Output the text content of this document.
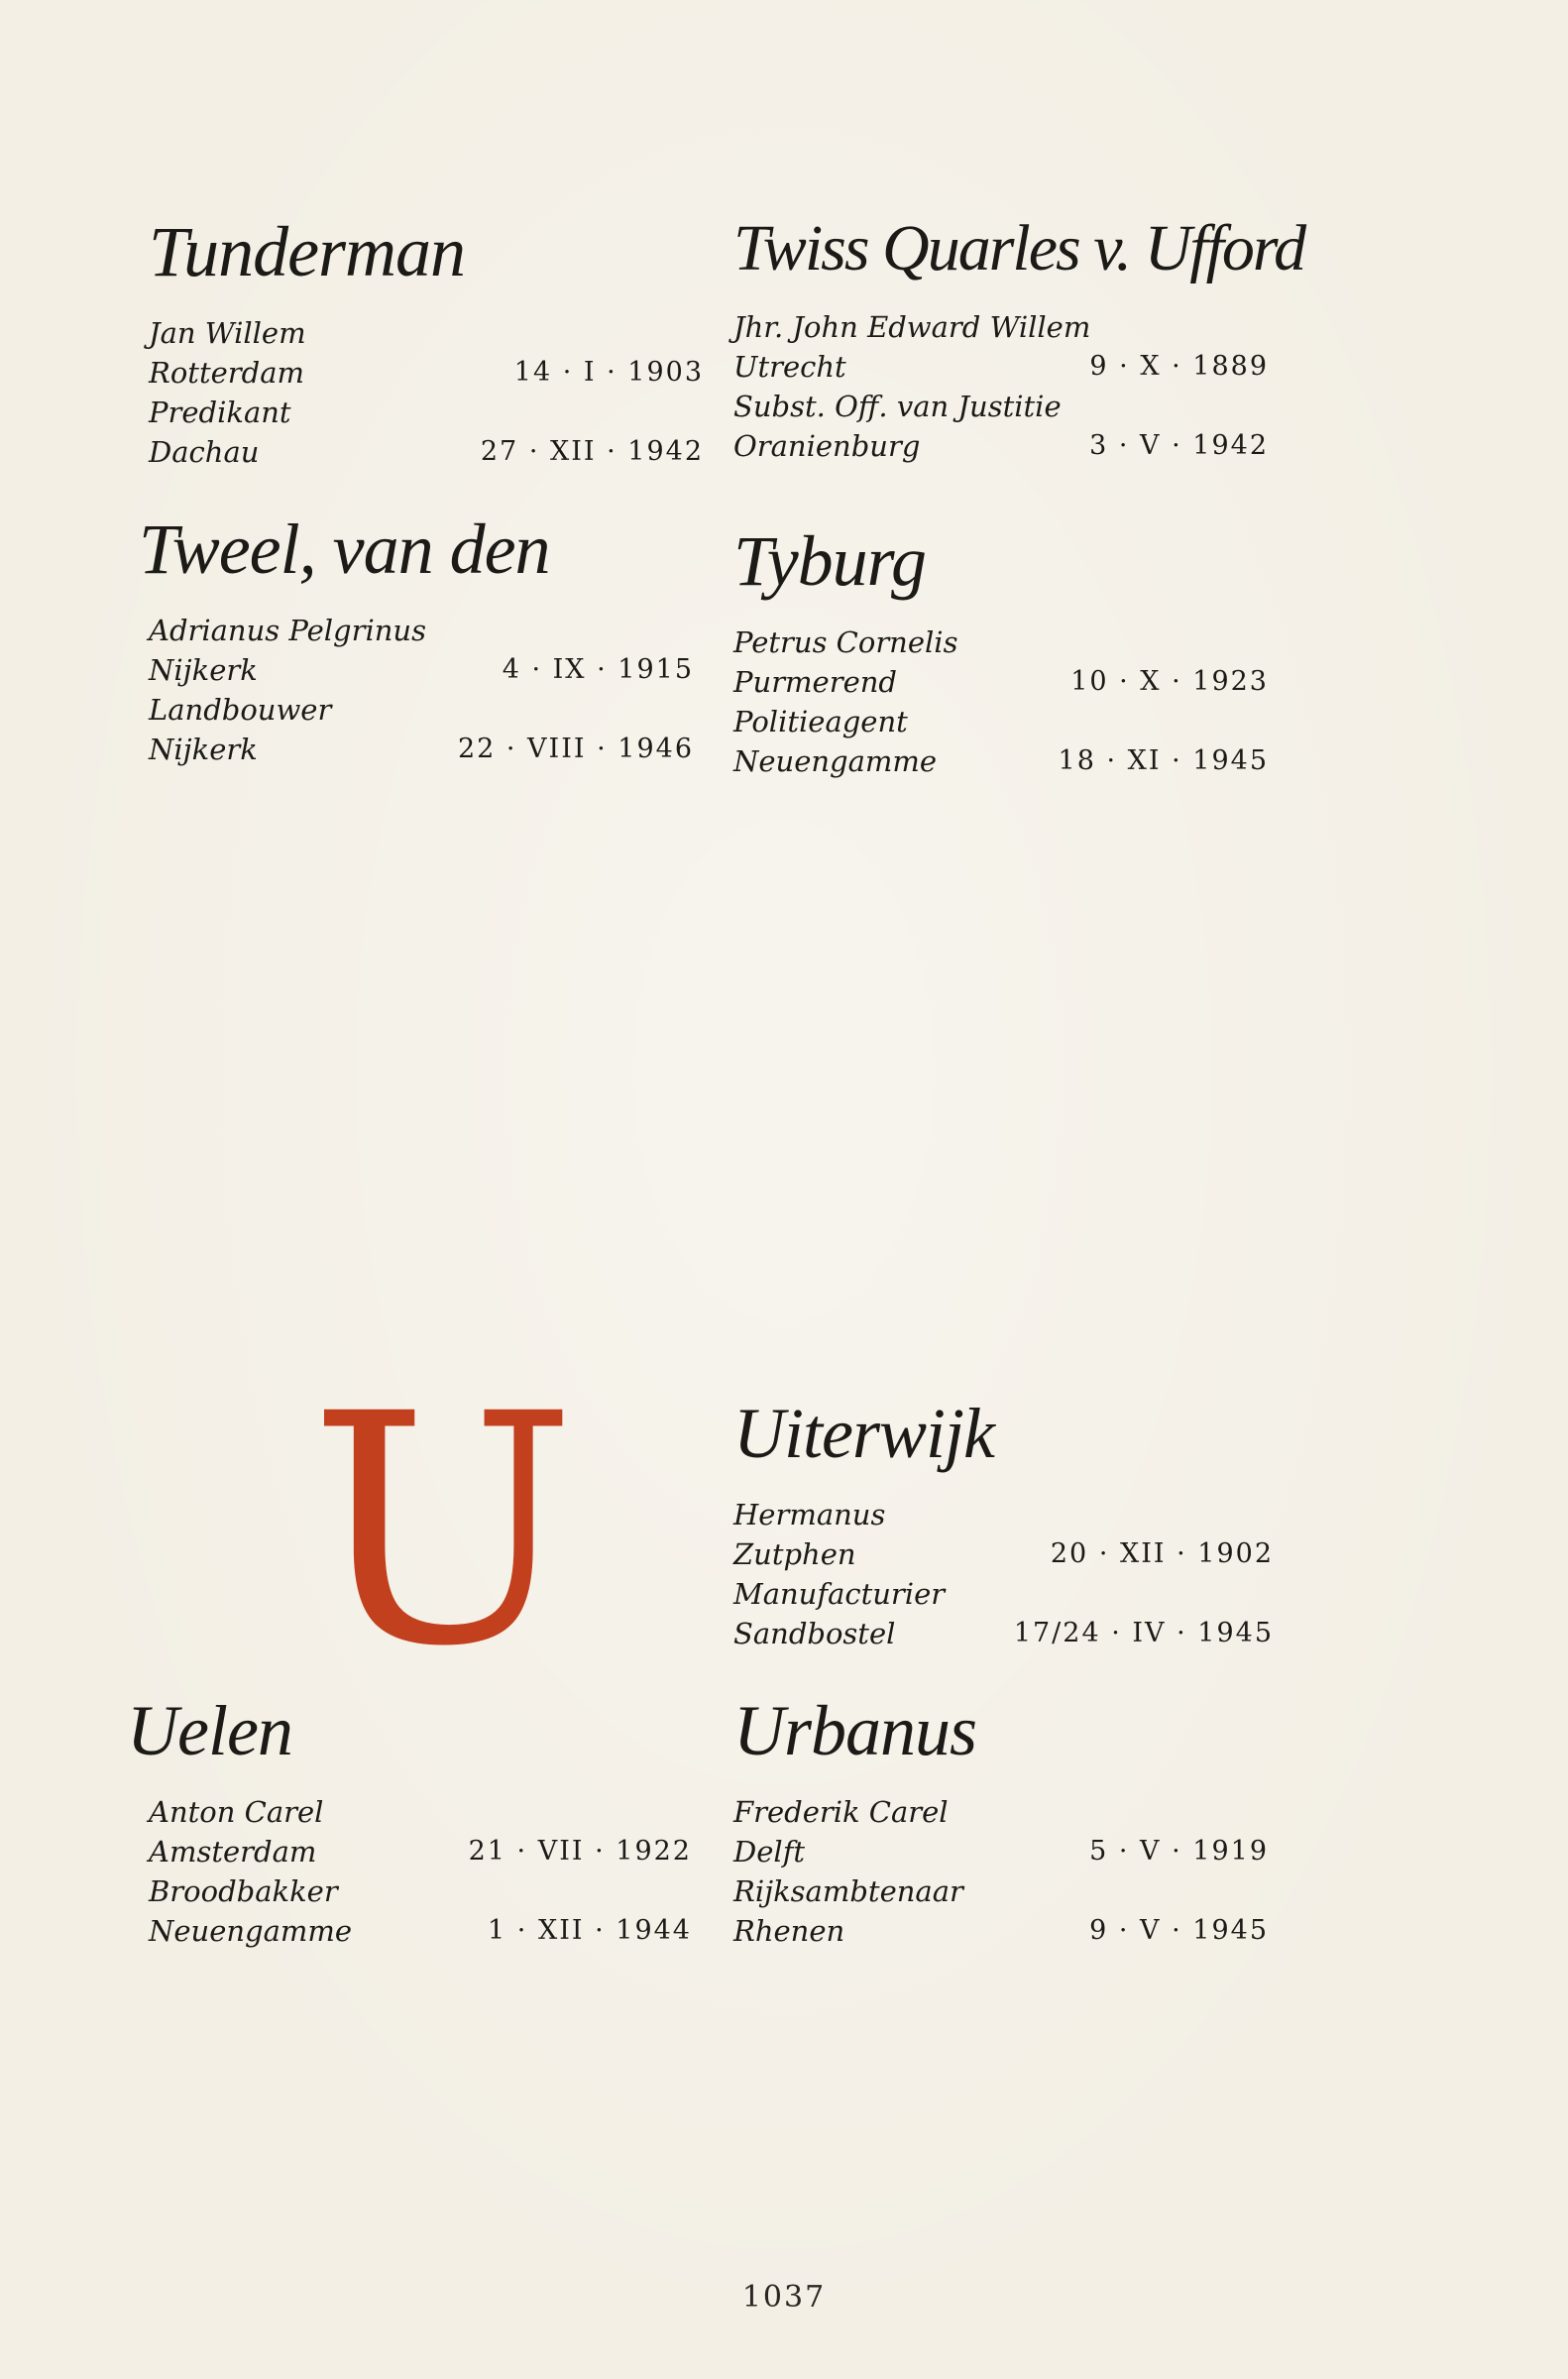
Tunderman
Jan Willem
Rotterdam	14 · I · 1903
Predikant
Dachau	27 · XII · 1942
Twiss Quarles v. Ufford
Jhr. John Edward Willem
Utrecht	9 · X · 1889
Subst. Off. van Justitie
Oranienburg	3 · V · 1942
Tweel, van den
Adrianus Pelgrinus
Nijkerk	4 · IX · 1915
Landbouwer
Nijkerk	22 · VIII · 1946
Tyburg
Petrus Cornelis
Purmerend	10 · X · 1923
Politieagent
Neuengamme	18 · XI · 1945
U Uiterwijk
Hermanus
Zutphen	20 · XII · 1902
Manufacturier
Sandbostel	17/24 · IV · 1945
Uelen
Anton Carel
Amsterdam	21 · VII · 1922
Broodbakker
Neuengamme	1 · XII · 1944
Urbanus
Frederik Carel
Delft	5 · V · 1919
Rijksambtenaar
Rhenen	9 · V · 1945
1037
